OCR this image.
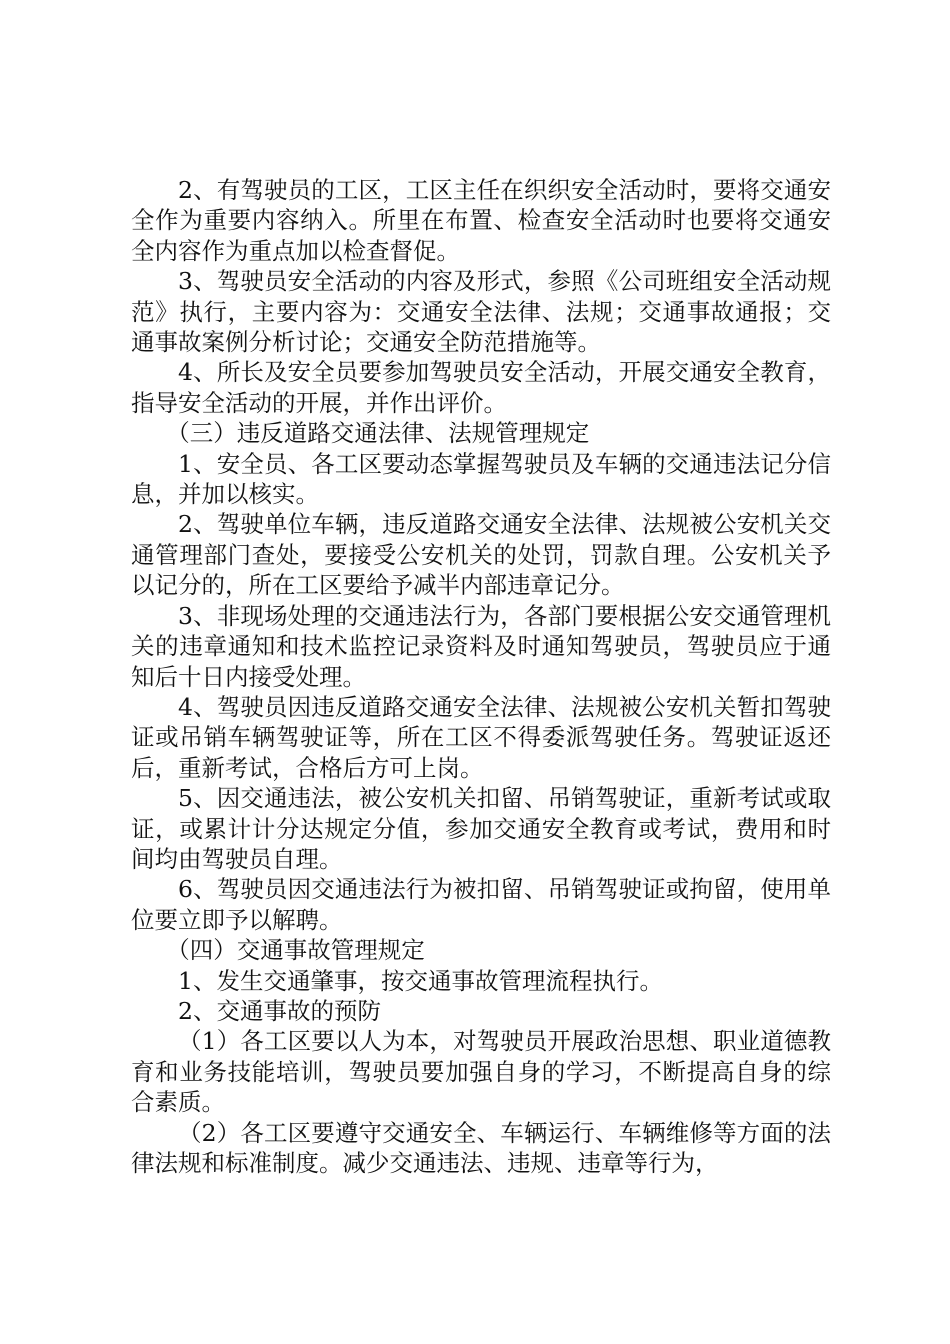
2、有驾驶员的工区，工区主任在织织安全活动时，要将交通安全作为重要内容纳入。所里在布置、检查安全活动时也要将交通安全内容作为重点加以检查督促。

3、驾驶员安全活动的内容及形式，参照《公司班组安全活动规范》执行，主要内容为：交通安全法律、法规；交通事故通报；交通事故案例分析讨论；交通安全防范措施等。

4、所长及安全员要参加驾驶员安全活动，开展交通安全教育，指导安全活动的开展，并作出评价。

（三）违反道路交通法律、法规管理规定

1、安全员、各工区要动态掌握驾驶员及车辆的交通违法记分信息，并加以核实。

2、驾驶单位车辆，违反道路交通安全法律、法规被公安机关交通管理部门查处，要接受公安机关的处罚，罚款自理。公安机关予以记分的，所在工区要给予减半内部违章记分。

3、非现场处理的交通违法行为，各部门要根据公安交通管理机关的违章通知和技术监控记录资料及时通知驾驶员，驾驶员应于通知后十日内接受处理。

4、驾驶员因违反道路交通安全法律、法规被公安机关暂扣驾驶证或吊销车辆驾驶证等，所在工区不得委派驾驶任务。驾驶证返还后，重新考试，合格后方可上岗。

5、因交通违法，被公安机关扣留、吊销驾驶证，重新考试或取证，或累计计分达规定分值，参加交通安全教育或考试，费用和时间均由驾驶员自理。

6、驾驶员因交通违法行为被扣留、吊销驾驶证或拘留，使用单位要立即予以解聘。

（四）交通事故管理规定

1、发生交通肇事，按交通事故管理流程执行。

2、交通事故的预防

（1）各工区要以人为本，对驾驶员开展政治思想、职业道德教育和业务技能培训，驾驶员要加强自身的学习，不断提高自身的综合素质。

（2）各工区要遵守交通安全、车辆运行、车辆维修等方面的法律法规和标准制度。减少交通违法、违规、违章等行为，
